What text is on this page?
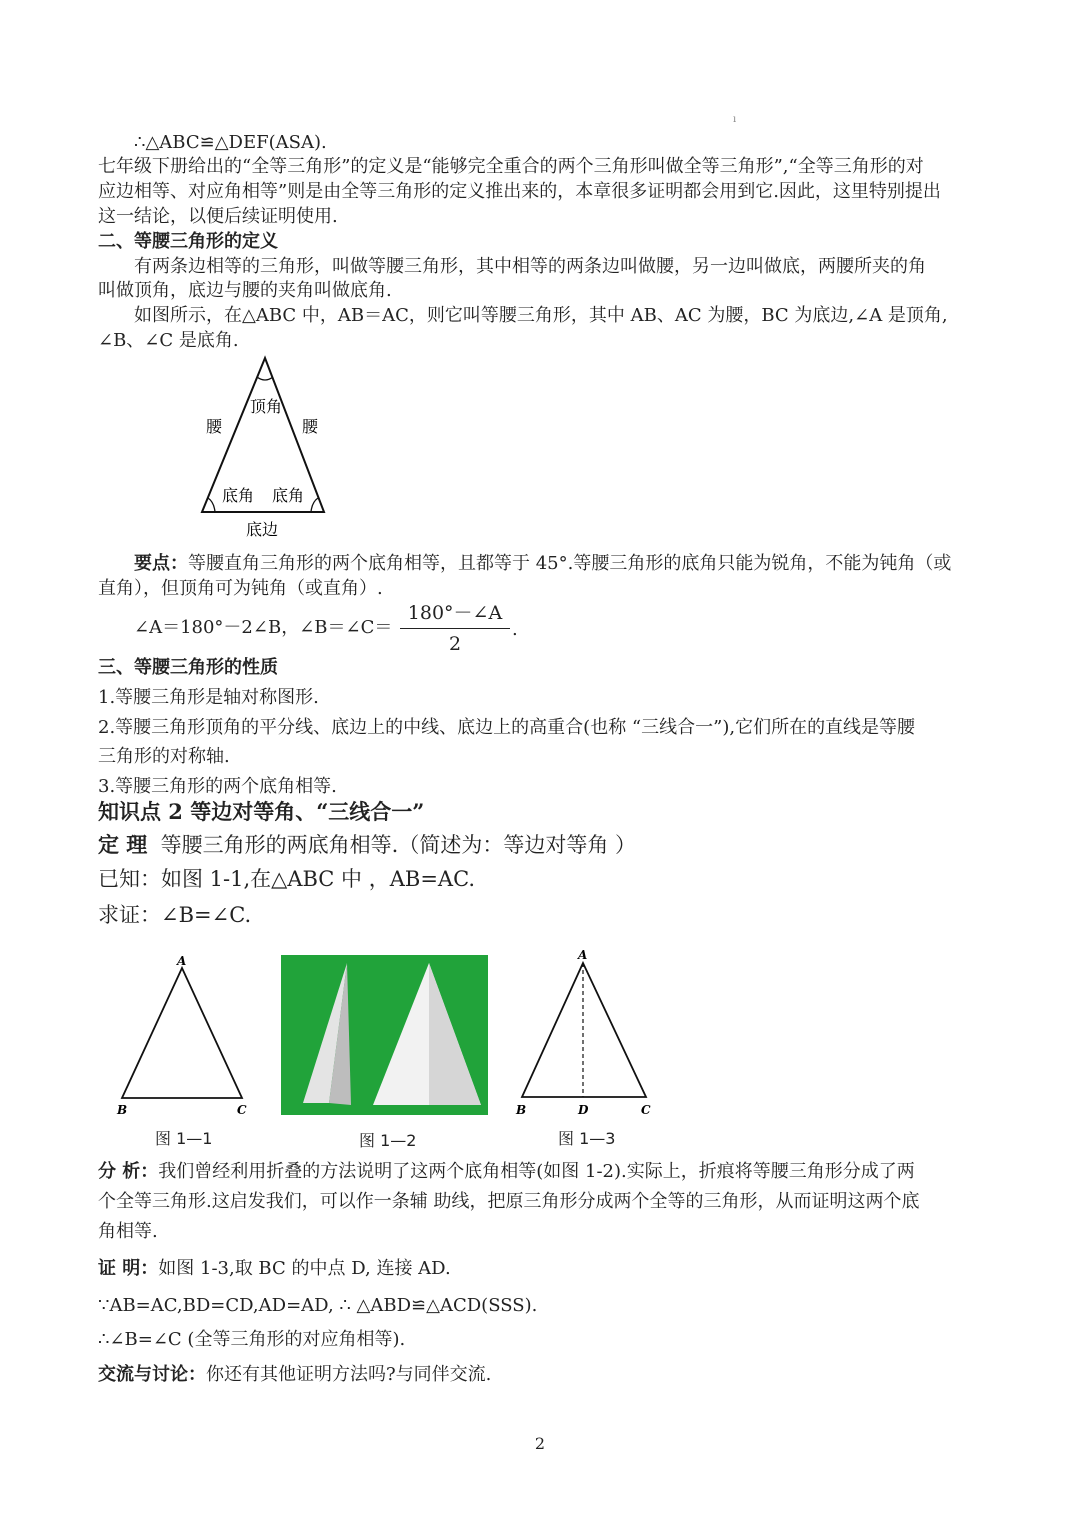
ı
∴△ABC≌△DEF(ASA).
七年级下册给出的“全等三角形”的定义是“能够完全重合的两个三角形叫做全等三角形”,“全等三角形的对
应边相等、对应角相等”则是由全等三角形的定义推出来的，本章很多证明都会用到它.因此，这里特别提出
这一结论，以便后续证明使用.
二、等腰三角形的定义
有两条边相等的三角形，叫做等腰三角形，其中相等的两条边叫做腰，另一边叫做底，两腰所夹的角
叫做顶角，底边与腰的夹角叫做底角.
如图所示，在△ABC 中，AB＝AC，则它叫等腰三角形，其中 AB、AC 为腰，BC 为底边,∠A 是顶角,
∠B、∠C 是底角.
顶角
腰	腰
底角 底角
底边
要点：等腰直角三角形的两个底角相等，且都等于 45°.等腰三角形的底角只能为锐角，不能为钝角（或
直角），但顶角可为钝角（或直角）.
∠A＝180°－2∠B，∠B＝∠C＝
180°－∠A
2
.
三、等腰三角形的性质
1.等腰三角形是轴对称图形.
2.等腰三角形顶角的平分线、底边上的中线、底边上的高重合(也称 “三线合一”),它们所在的直线是等腰
三角形的对称轴.
3.等腰三角形的两个底角相等.
知识点 2 等边对等角、“三线合一”
定 理 等腰三角形的两底角相等.（简述为：等边对等角 ）
已知：如图 1-1,在△ABC 中 ，AB=AC.
求证：∠B=∠C.
A
B	C
图 1—1	图 1—2
A
B	D	C
图 1—3
分 析：我们曾经利用折叠的方法说明了这两个底角相等(如图 1-2).实际上，折痕将等腰三角形分成了两
个全等三角形.这启发我们，可以作一条辅 助线，把原三角形分成两个全等的三角形，从而证明这两个底
角相等.
证 明：如图 1-3,取 BC 的中点 D, 连接 AD.
∵AB=AC,BD=CD,AD=AD, ∴ △ABD≌△ACD(SSS).
∴∠B=∠C (全等三角形的对应角相等).
交流与讨论：你还有其他证明方法吗?与同伴交流.
2
